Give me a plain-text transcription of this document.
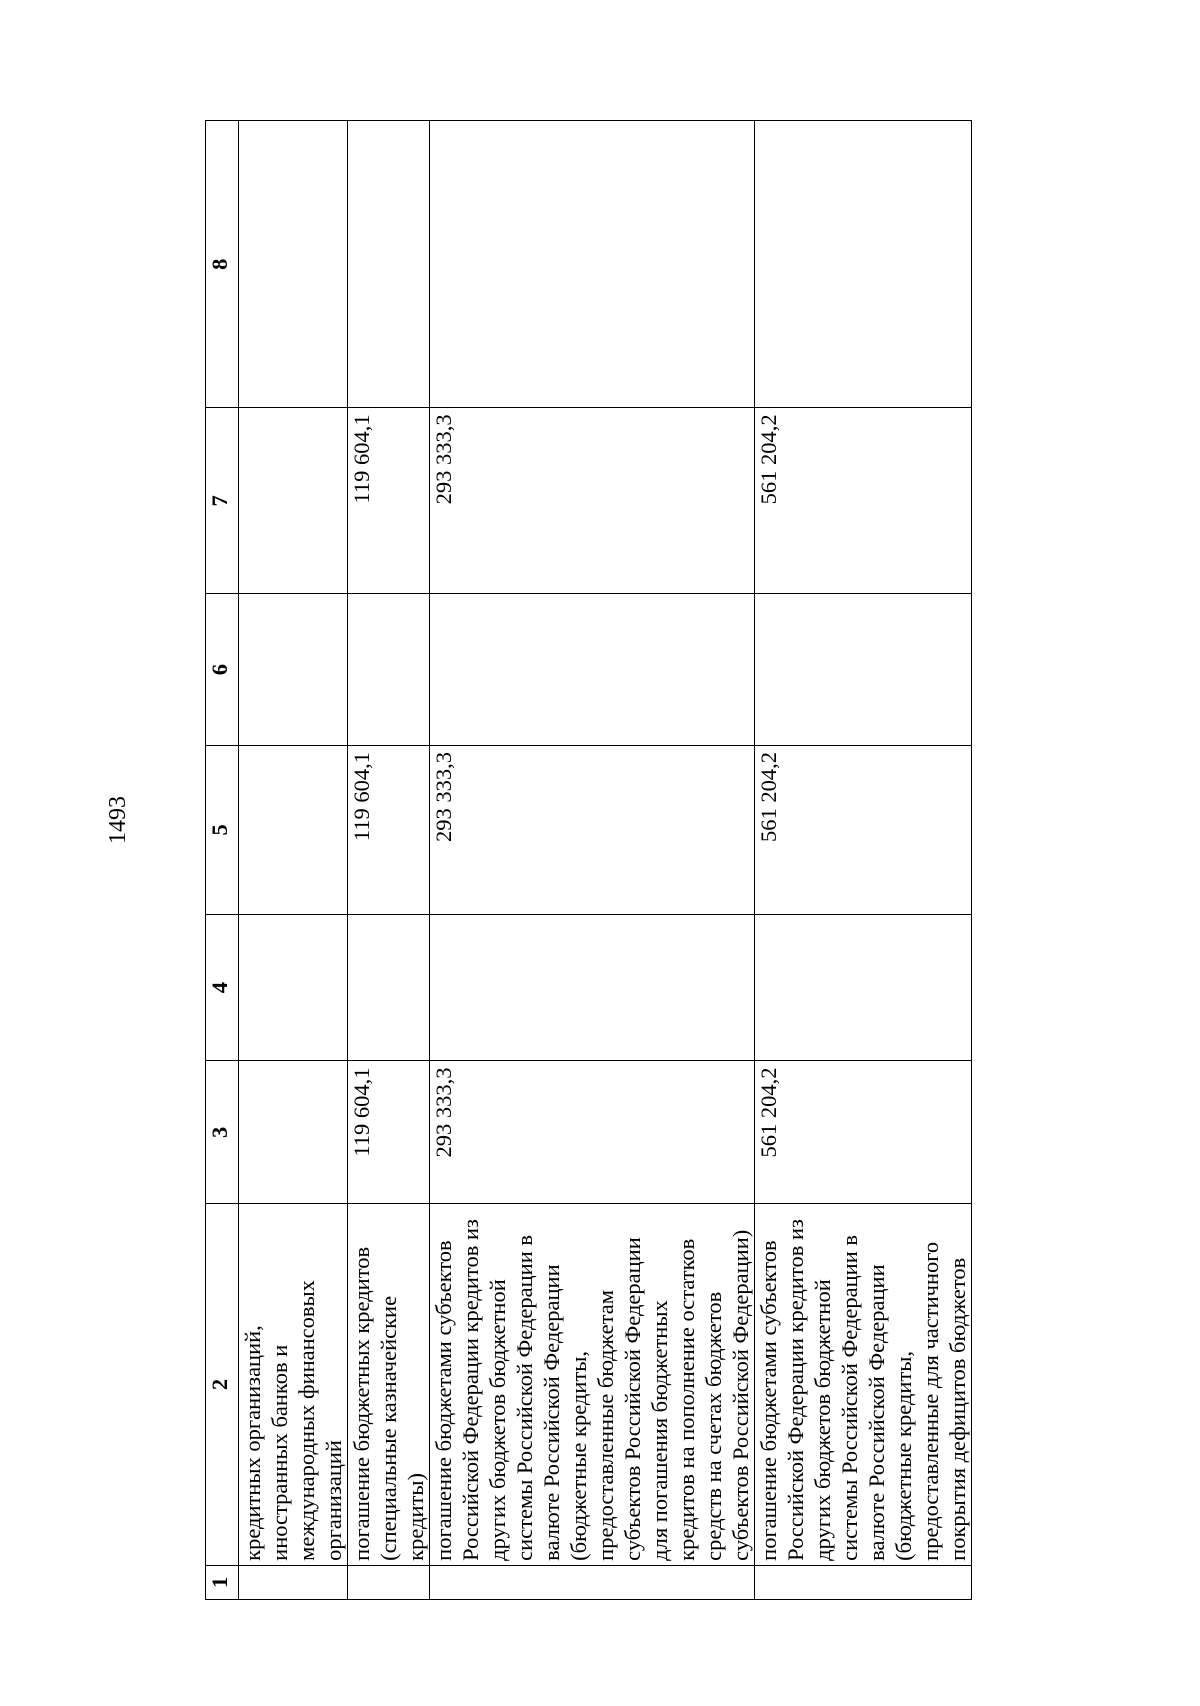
1493
1	2	3	4	5	6	7	8
	кредитных организаций, иностранных банков и международных финансовых организаций						
	погашение бюджетных кредитов (специальные казначейские кредиты)	119 604,1		119 604,1		119 604,1	
	погашение бюджетами субъектов Российской Федерации кредитов из других бюджетов бюджетной системы Российской Федерации в валюте Российской Федерации (бюджетные кредиты, предоставленные бюджетам субъектов Российской Федерации для погашения бюджетных кредитов на пополнение остатков средств на счетах бюджетов субъектов Российской Федерации)	293 333,3		293 333,3		293 333,3	
	погашение бюджетами субъектов Российской Федерации кредитов из других бюджетов бюджетной системы Российской Федерации в валюте Российской Федерации (бюджетные кредиты, предоставленные для частичного покрытия дефицитов бюджетов	561 204,2		561 204,2		561 204,2	
